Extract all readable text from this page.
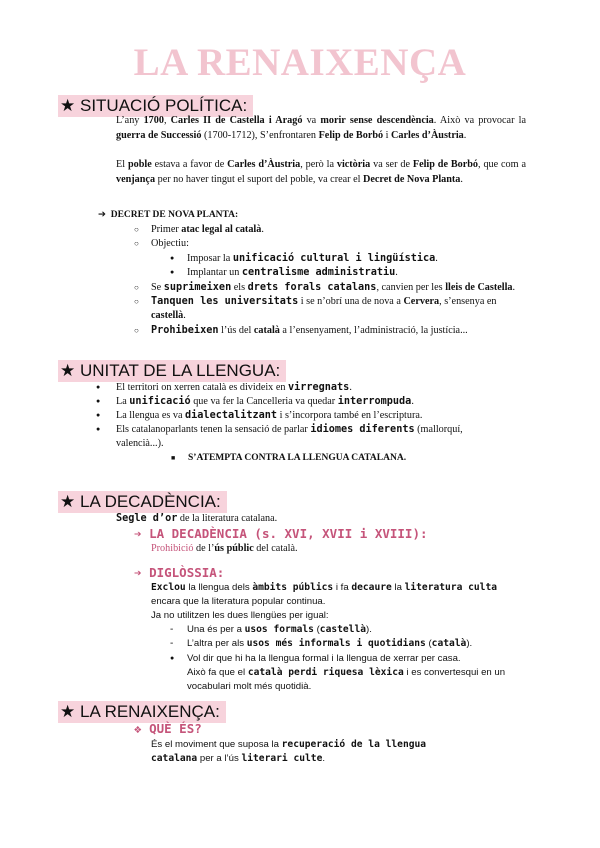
LA RENAIXENÇA
★ SITUACIÓ POLÍTICA:
L’any 1700, Carles II de Castella i Aragó va morir sense descendència. Això va provocar la guerra de Successió (1700-1712), S’enfrontaren Felip de Borbó i Carles d’Àustria.
El poble estava a favor de Carles d’Àustria, però la victòria va ser de Felip de Borbó, que com a venjança per no haver tingut el suport del poble, va crear el Decret de Nova Planta.
➔ DECRET DE NOVA PLANTA:
○ Primer atac legal al català.
○ Objectiu:
● Imposar la unificació cultural i lingüística.
● Implantar un centralisme administratiu.
○ Se suprimeixen els drets forals catalans, canvien per les lleis de Castella.
○ Tanquen les universitats i se n’obrí una de nova a Cervera, s’ensenya en
castellà.
○ Prohibeixen l’ús del català a l’ensenyament, l’administració, la justícia...
★ UNITAT DE LA LLENGUA:
● El territori on xerren català es divideix en virregnats.
● La unificació que va fer la Cancelleria va quedar interrompuda.
● La llengua es va dialectalitzant i s’incorpora també en l’escriptura.
● Els catalanoparlants tenen la sensació de parlar idiomes diferents (mallorquí,
valencià...).
■ S’ATEMPTA CONTRA LA LLENGUA CATALANA.
★ LA DECADÈNCIA:
Segle d’or de la literatura catalana.
➔ LA DECADÈNCIA (s. XVI, XVII i XVIII):
Prohibició de l’ús públic del català.
➔ DIGLÒSSIA:
Exclou la llengua dels àmbits públics i fa decaure la literatura culta
encara que la literatura popular continua.
Ja no utilitzen les dues llengües per igual:
- Una és per a usos formals (castellà).
- L’altra per als usos més informals i quotidians (català).
● Vol dir que hi ha la llengua formal i la llengua de xerrar per casa.
Això fa que el català perdi riquesa lèxica i es convertesqui en un
vocabulari molt més quotidià.
★ LA RENAIXENÇA:
❖ QUÈ ÉS?
És el moviment que suposa la recuperació de la llengua
catalana per a l’ús literari culte.
